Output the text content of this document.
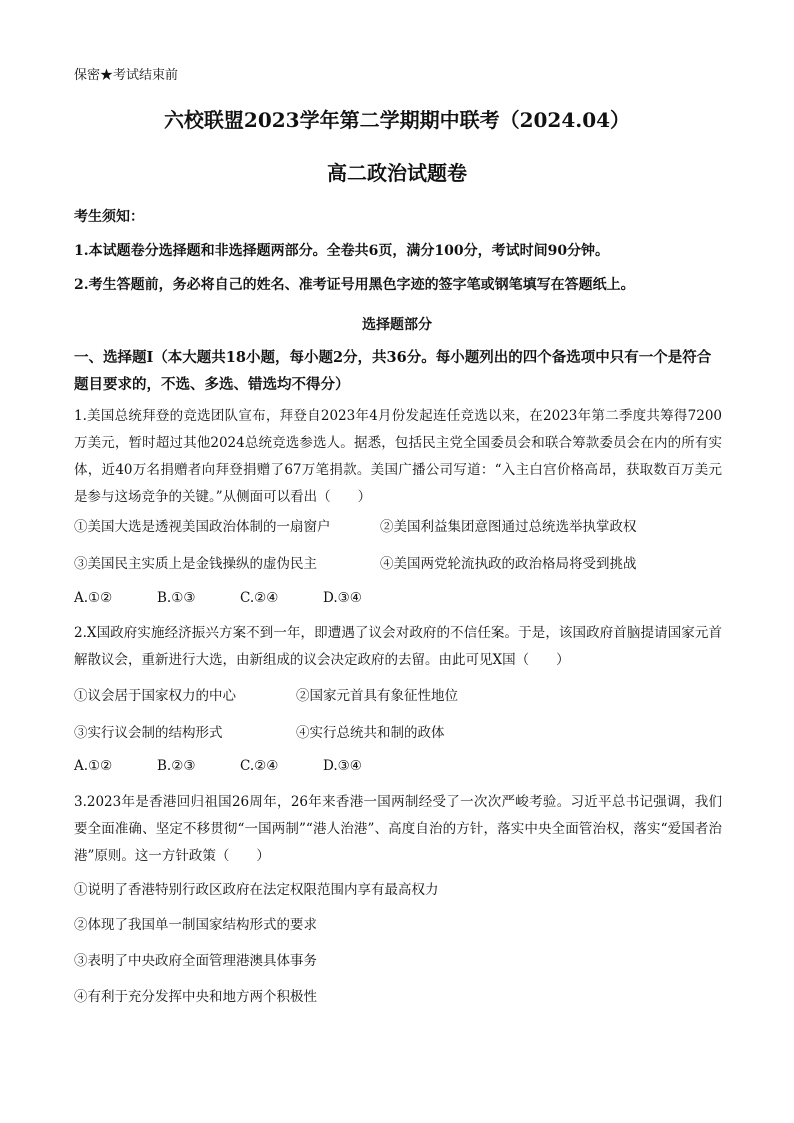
保密★考试结束前
六校联盟2023学年第二学期期中联考（2024.04）
高二政治试题卷
考生须知：
1.本试题卷分选择题和非选择题两部分。全卷共6页，满分100分，考试时间90分钟。
2.考生答题前，务必将自己的姓名、准考证号用黑色字迹的签字笔或钢笔填写在答题纸上。
选择题部分
一、选择题Ⅰ（本大题共18小题，每小题2分，共36分。每小题列出的四个备选项中只有一个是符合题目要求的，不选、多选、错选均不得分）
1.美国总统拜登的竞选团队宣布，拜登自2023年4月份发起连任竞选以来，在2023年第二季度共筹得7200万美元，暂时超过其他2024总统竞选参选人。据悉，包括民主党全国委员会和联合筹款委员会在内的所有实体，近40万名捐赠者向拜登捐赠了67万笔捐款。美国广播公司写道：“入主白宫价格高昂，获取数百万美元是参与这场竞争的关键。”从侧面可以看出（　　）
①美国大选是透视美国政治体制的一扇窗户	②美国利益集团意图通过总统选举执掌政权
③美国民主实质上是金钱操纵的虚伪民主	④美国两党轮流执政的政治格局将受到挑战
A.①②	B.①③	C.②④	D.③④
2.X国政府实施经济振兴方案不到一年，即遭遇了议会对政府的不信任案。于是，该国政府首脑提请国家元首解散议会，重新进行大选，由新组成的议会决定政府的去留。由此可见X国（　　）
①议会居于国家权力的中心	②国家元首具有象征性地位
③实行议会制的结构形式	④实行总统共和制的政体
A.①②	B.②③	C.②④	D.③④
3.2023年是香港回归祖国26周年，26年来香港一国两制经受了一次次严峻考验。习近平总书记强调，我们要全面准确、坚定不移贯彻“一国两制”“港人治港”、高度自治的方针，落实中央全面管治权，落实“爱国者治港”原则。这一方针政策（　　）
①说明了香港特别行政区政府在法定权限范围内享有最高权力
②体现了我国单一制国家结构形式的要求
③表明了中央政府全面管理港澳具体事务
④有利于充分发挥中央和地方两个积极性
